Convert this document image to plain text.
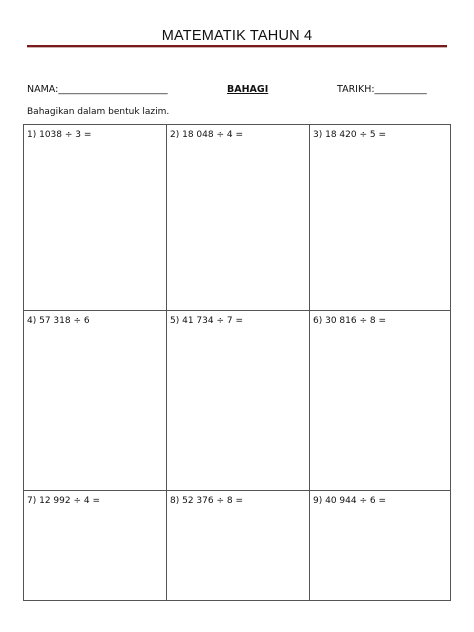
MATEMATIK TAHUN 4
NAMA:_______________________	BAHAGI	TARIKH:___________
Bahagikan dalam bentuk lazim.
1) 1038 ÷ 3 =	2) 18 048 ÷ 4 =	3) 18 420 ÷ 5 =
4) 57 318 ÷ 6	5) 41 734 ÷ 7 =	6) 30 816 ÷ 8 =
7) 12 992 ÷ 4 =	8) 52 376 ÷ 8 =	9) 40 944 ÷ 6 =
